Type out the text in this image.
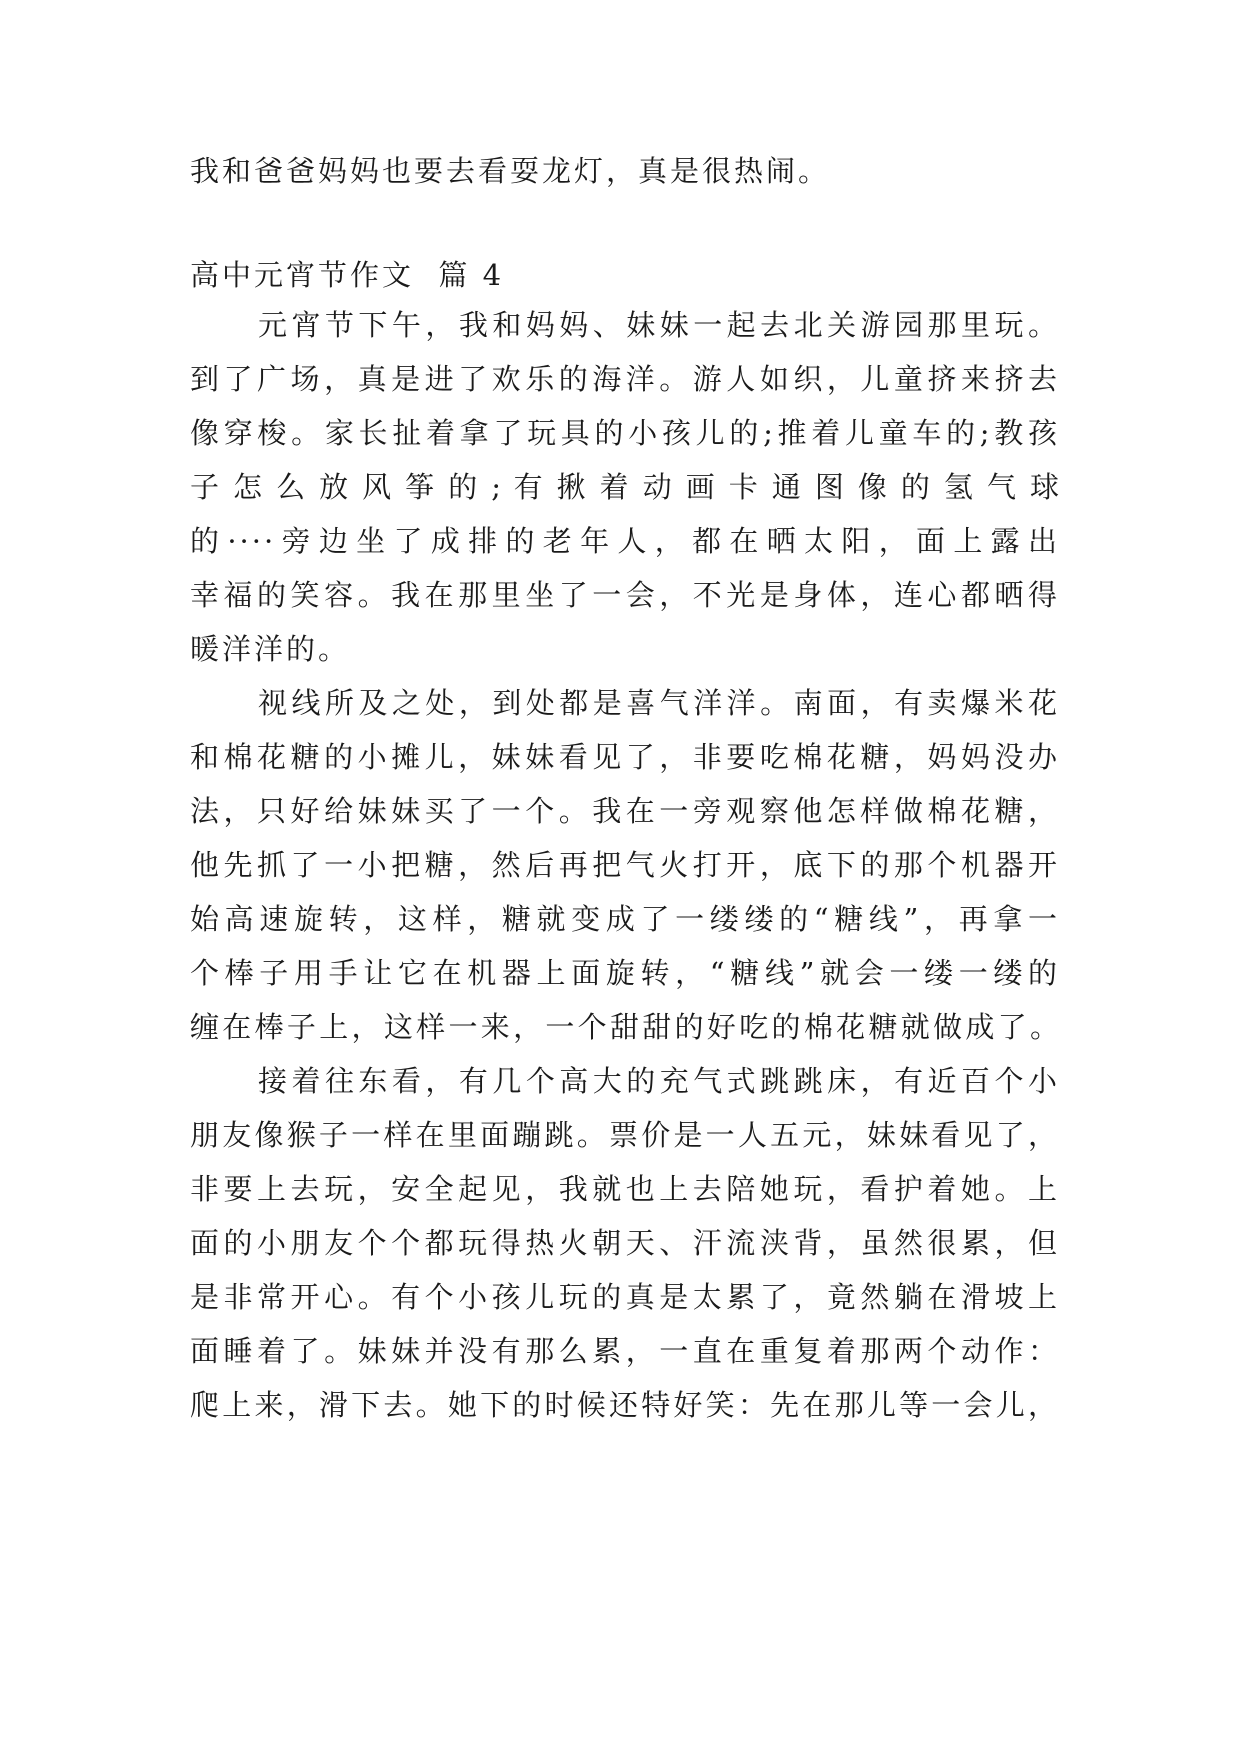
我和爸爸妈妈也要去看耍龙灯，真是很热闹。
高中元宵节作文  篇 4
元宵节下午，我和妈妈、妹妹一起去北关游园那里玩。
到了广场，真是进了欢乐的海洋。游人如织，儿童挤来挤去
像穿梭。家长扯着拿了玩具的小孩儿的;推着儿童车的;教孩
子 怎 么 放 风 筝 的 ; 有 揪 着 动 画 卡 通 图 像 的 氢 气 球
的····旁边坐了成排的老年人，都在晒太阳，面上露出
幸福的笑容。我在那里坐了一会，不光是身体，连心都晒得
暖洋洋的。
视线所及之处，到处都是喜气洋洋。南面，有卖爆米花
和棉花糖的小摊儿，妹妹看见了，非要吃棉花糖，妈妈没办
法，只好给妹妹买了一个。我在一旁观察他怎样做棉花糖，
他先抓了一小把糖，然后再把气火打开，底下的那个机器开
始高速旋转，这样，糖就变成了一缕缕的“糖线”，再拿一
个棒子用手让它在机器上面旋转，“糖线”就会一缕一缕的
缠在棒子上，这样一来，一个甜甜的好吃的棉花糖就做成了。
接着往东看，有几个高大的充气式跳跳床，有近百个小
朋友像猴子一样在里面蹦跳。票价是一人五元，妹妹看见了，
非要上去玩，安全起见，我就也上去陪她玩，看护着她。上
面的小朋友个个都玩得热火朝天、汗流浃背，虽然很累，但
是非常开心。有个小孩儿玩的真是太累了，竟然躺在滑坡上
面睡着了。妹妹并没有那么累，一直在重复着那两个动作：
爬上来，滑下去。她下的时候还特好笑：先在那儿等一会儿，
